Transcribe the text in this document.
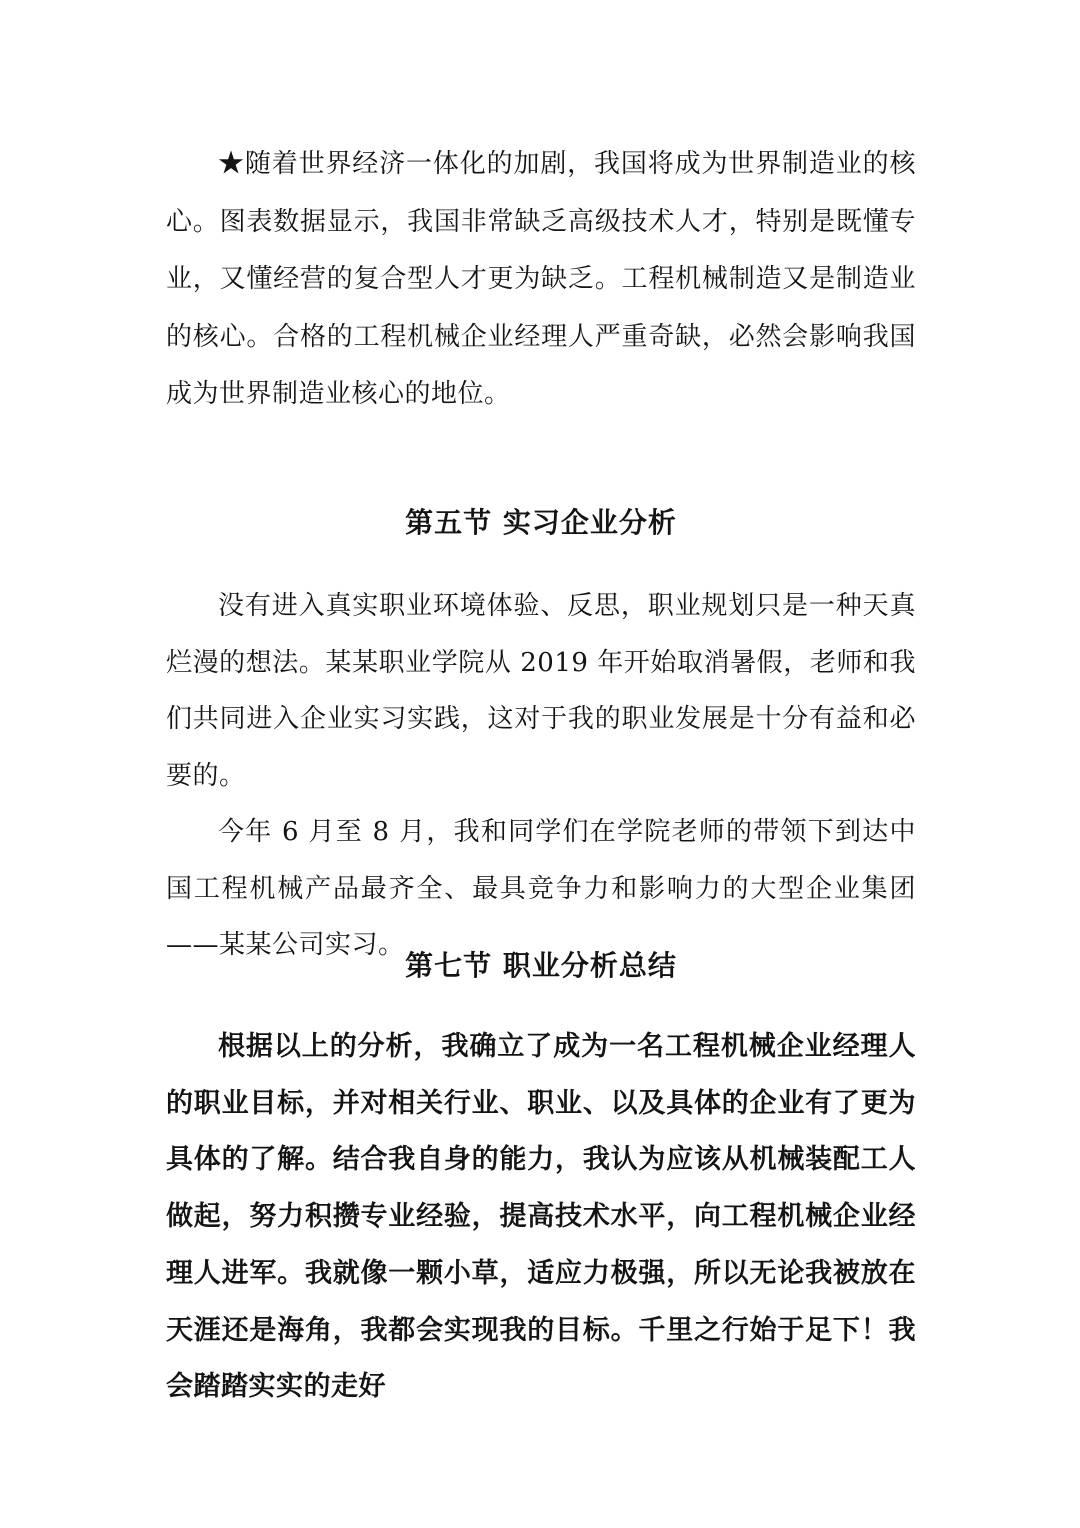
★随着世界经济一体化的加剧，我国将成为世界制造业的核心。图表数据显示，我国非常缺乏高级技术人才，特别是既懂专业，又懂经营的复合型人才更为缺乏。工程机械制造又是制造业的核心。合格的工程机械企业经理人严重奇缺，必然会影响我国成为世界制造业核心的地位。

第五节 实习企业分析

没有进入真实职业环境体验、反思，职业规划只是一种天真烂漫的想法。某某职业学院从 2019 年开始取消暑假，老师和我们共同进入企业实习实践，这对于我的职业发展是十分有益和必要的。

今年 6 月至 8 月，我和同学们在学院老师的带领下到达中国工程机械产品最齐全、最具竞争力和影响力的大型企业集团——某某公司实习。

第七节 职业分析总结

根据以上的分析，我确立了成为一名工程机械企业经理人的职业目标，并对相关行业、职业、以及具体的企业有了更为具体的了解。结合我自身的能力，我认为应该从机械装配工人做起，努力积攒专业经验，提高技术水平，向工程机械企业经理人进军。我就像一颗小草，适应力极强，所以无论我被放在天涯还是海角，我都会实现我的目标。千里之行始于足下！我会踏踏实实的走好
